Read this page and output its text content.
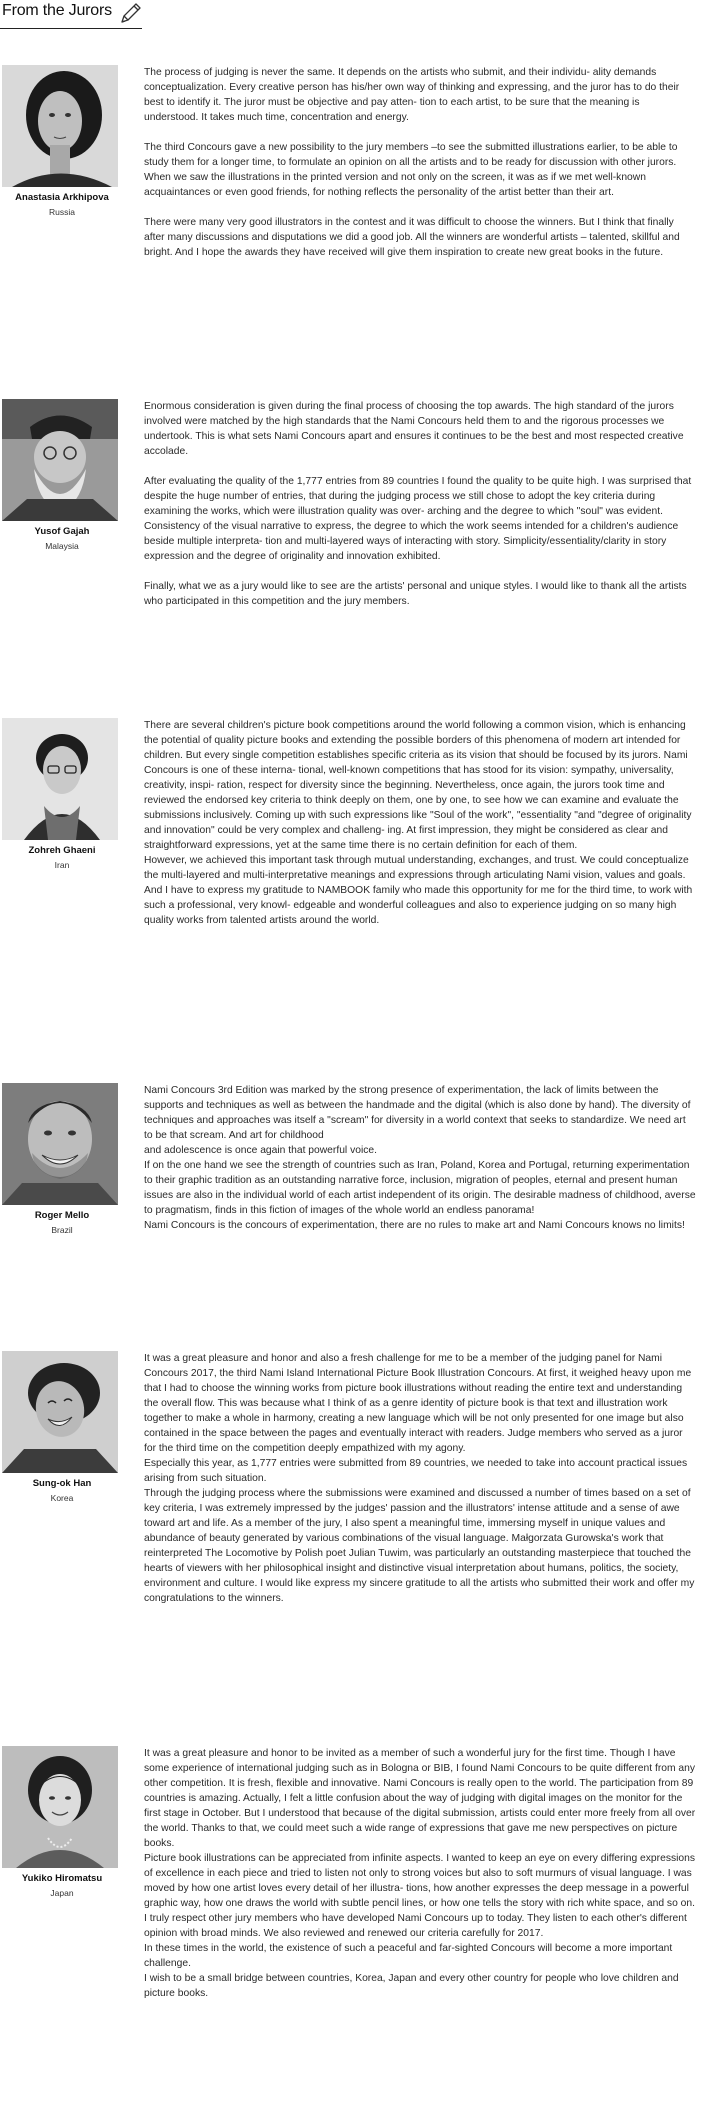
From the Jurors
Anastasia Arkhipova
Russia

The process of judging is never the same. It depends on the artists who submit, and their individu- ality demands conceptualization. Every creative person has his/her own way of thinking and expressing, and the juror has to do their best to identify it. The juror must be objective and pay atten- tion to each artist, to be sure that the meaning is understood. It takes much time, concentration and energy.

The third Concours gave a new possibility to the jury members –to see the submitted illustrations earlier, to be able to study them for a longer time, to formulate an opinion on all the artists and to be ready for discussion with other jurors. When we saw the illustrations in the printed version and not only on the screen, it was as if we met well-known acquaintances or even good friends, for nothing reflects the personality of the artist better than their art.

There were many very good illustrators in the contest and it was difficult to choose the winners. But I think that finally after many discussions and disputations we did a good job. All the winners are wonderful artists – talented, skillful and bright. And I hope the awards they have received will give them inspiration to create new great books in the future.

Yusof Gajah
Malaysia

Enormous consideration is given during the final process of choosing the top awards. The high standard of the jurors involved were matched by the high standards that the Nami Concours held them to and the rigorous processes we undertook. This is what sets Nami Concours apart and ensures it continues to be the best and most respected creative accolade.

After evaluating the quality of the 1,777 entries from 89 countries I found the quality to be quite high. I was surprised that despite the huge number of entries, that during the judging process we still chose to adopt the key criteria during examining the works, which were illustration quality was over- arching and the degree to which "soul" was evident. Consistency of the visual narrative to express, the degree to which the work seems intended for a children's audience beside multiple interpreta- tion and multi-layered ways of interacting with story. Simplicity/essentiality/clarity in story expression and the degree of originality and innovation exhibited.

Finally, what we as a jury would like to see are the artists' personal and unique styles. I would like to thank all the artists who participated in this competition and the jury members.

Zohreh Ghaeni
Iran

There are several children's picture book competitions around the world following a common vision, which is enhancing the potential of quality picture books and extending the possible borders of this phenomena of modern art intended for children. But every single competition establishes specific criteria as its vision that should be focused by its jurors. Nami Concours is one of these interna- tional, well-known competitions that has stood for its vision: sympathy, universality, creativity, inspi- ration, respect for diversity since the beginning. Nevertheless, once again, the jurors took time and reviewed the endorsed key criteria to think deeply on them, one by one, to see how we can examine and evaluate the submissions inclusively. Coming up with such expressions like "Soul of the work", "essentiality "and "degree of originality and innovation" could be very complex and challeng- ing. At first impression, they might be considered as clear and straightforward expressions, yet at the same time there is no certain definition for each of them.

However, we achieved this important task through mutual understanding, exchanges, and trust. We could conceptualize the multi-layered and multi-interpretative meanings and expressions through articulating Nami vision, values and goals. And I have to express my gratitude to NAMBOOK family who made this opportunity for me for the third time, to work with such a professional, very knowl- edgeable and wonderful colleagues and also to experience judging on so many high quality works from talented artists around the world.

Roger Mello
Brazil

Nami Concours 3rd Edition was marked by the strong presence of experimentation, the lack of limits between the supports and techniques as well as between the handmade and the digital (which is also done by hand). The diversity of techniques and approaches was itself a "scream" for diversity in a world context that seeks to standardize. We need art to be that scream. And art for childhood

and adolescence is once again that powerful voice.

If on the one hand we see the strength of countries such as Iran, Poland, Korea and Portugal, returning experimentation to their graphic tradition as an outstanding narrative force, inclusion, migration of peoples, eternal and present human issues are also in the individual world of each artist independent of its origin. The desirable madness of childhood, averse to pragmatism, finds in this fiction of images of the whole world an endless panorama!

Nami Concours is the concours of experimentation, there are no rules to make art and Nami Concours knows no limits!

Sung-ok Han
Korea

It was a great pleasure and honor and also a fresh challenge for me to be a member of the judging panel for Nami Concours 2017, the third Nami Island International Picture Book Illustration Concours. At first, it weighed heavy upon me that I had to choose the winning works from picture book illustrations without reading the entire text and understanding the overall flow. This was because what I think of as a genre identity of picture book is that text and illustration work together to make a whole in harmony, creating a new language which will be not only presented for one image but also contained in the space between the pages and eventually interact with readers. Judge members who served as a juror for the third time on the competition deeply empathized with my agony.

Especially this year, as 1,777 entries were submitted from 89 countries, we needed to take into account practical issues arising from such situation.

Through the judging process where the submissions were examined and discussed a number of times based on a set of key criteria, I was extremely impressed by the judges' passion and the illustrators' intense attitude and a sense of awe toward art and life. As a member of the jury, I also spent a meaningful time, immersing myself in unique values and abundance of beauty generated by various combinations of the visual language. Małgorzata Gurowska's work that reinterpreted The Locomotive by Polish poet Julian Tuwim, was particularly an outstanding masterpiece that touched the hearts of viewers with her philosophical insight and distinctive visual interpretation about humans, politics, the society, environment and culture. I would like express my sincere gratitude to all the artists who submitted their work and offer my congratulations to the winners.

Yukiko Hiromatsu
Japan

It was a great pleasure and honor to be invited as a member of such a wonderful jury for the first time. Though I have some experience of international judging such as in Bologna or BIB, I found Nami Concours to be quite different from any other competition. It is fresh, flexible and innovative. Nami Concours is really open to the world. The participation from 89 countries is amazing. Actually, I felt a little confusion about the way of judging with digital images on the monitor for the first stage in October. But I understood that because of the digital submission, artists could enter more freely from all over the world. Thanks to that, we could meet such a wide range of expressions that gave me new perspectives on picture books.

Picture book illustrations can be appreciated from infinite aspects. I wanted to keep an eye on every differing expressions of excellence in each piece and tried to listen not only to strong voices but also to soft murmurs of visual language. I was moved by how one artist loves every detail of her illustra- tions, how another expresses the deep message in a powerful graphic way, how one draws the world with subtle pencil lines, or how one tells the story with rich white space, and so on.

I truly respect other jury members who have developed Nami Concours up to today. They listen to each other's different opinion with broad minds. We also reviewed and renewed our criteria carefully for 2017.

In these times in the world, the existence of such a peaceful and far-sighted Concours will become a more important challenge.

I wish to be a small bridge between countries, Korea, Japan and every other country for people who love children and picture books.
